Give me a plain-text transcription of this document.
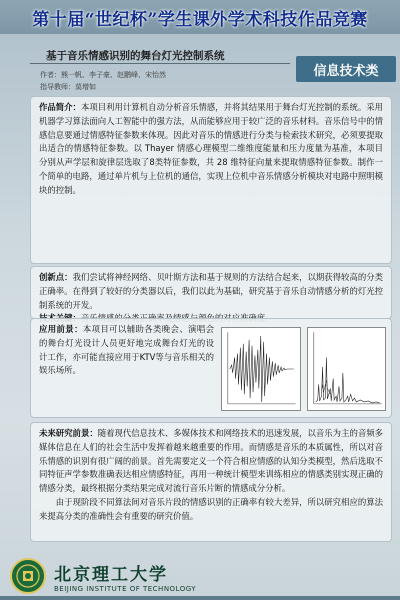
第十届“世纪杯”学生课外学术科技作品竞赛
基于音乐情感识别的舞台灯光控制系统
作者：熊一帆、李子豪、赵鹏峰、宋怡然
指导教师：莫增如
信息技术类
作品简介：本项目利用计算机自动分析音乐情感，并将其结果用于舞台灯光控制的系统。采用机器学习算法面向人工智能中的强方法，从而能够应用于较广泛的音乐材料。音乐信号中的情感信息要通过情感特征参数来体现。因此对音乐的情感进行分类与检索技术研究，必须要提取出适合的情感特征参数。以 Thayer 情感心理模型二维维度能量和压力度量为基准，本项目分别从声学层和旋律层选取了8类特征参数，共 28 维特征向量来提取情感特征参数。制作一个简单的电路，通过单片机与上位机的通信，实现上位机中音乐情感分析模块对电路中照明模块的控制。

创新点：我们尝试将神经网络、贝叶斯方法和基于规则的方法结合起来，以期获得较高的分类正确率。在得到了较好的分类器以后，我们以此为基础，研究基于音乐自动情感分析的灯光控制系统的开发。

应用前景：本项目可以辅助各类晚会、演唱会的舞台灯光设计人员更好地完成舞台灯光的设计工作，亦可能直接应用于KTV等与音乐相关的娱乐场所。

未来研究前景：随着现代信息技术、多媒体技术和网络技术的迅速发展，以音乐为主的音频多媒体信息在人们的社会生活中发挥着越来越重要的作用。而情感是音乐的本质属性，所以对音乐情感的识别有很广阔的前景。首先需要定义一个符合相应情感的认知分类模型，然后选取不同特征声学参数准确表达相应情感特征，再用一种统计模型来训练相应的情感类别实现正确的情感分类，最终根据分类结果完成对流行音乐片断的情感成分分析。

由于现阶段不同算法间对音乐片段的情感识别的正确率有较大差异，所以研究相应的算法来提高分类的准确性会有重要的研究价值。

北京理工大学
BEIJING INSTITUTE OF TECHNOLOGY
